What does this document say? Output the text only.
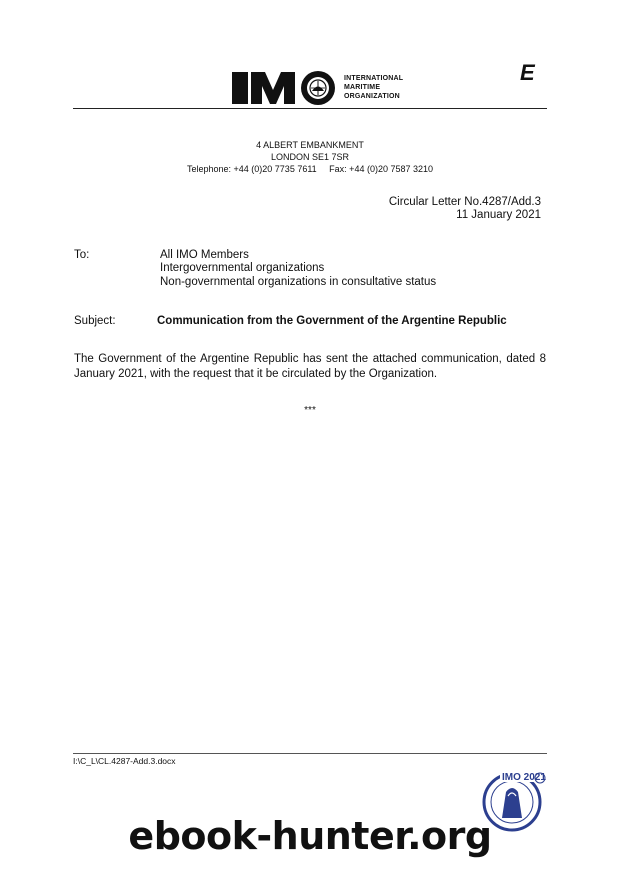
IMO
INTERNATIONAL
MARITIME
ORGANIZATION
E
4 ALBERT EMBANKMENT
LONDON SE1 7SR
Telephone: +44 (0)20 7735 7611     Fax: +44 (0)20 7587 3210
Circular Letter No.4287/Add.3
11 January 2021
To:	All IMO Members
Intergovernmental organizations
Non-governmental organizations in consultative status
Subject:	Communication from the Government of the Argentine Republic
The Government of the Argentine Republic has sent the attached communication, dated 8 January 2021, with the request that it be circulated by the Organization.
***
I:\C_L\CL.4287-Add.3.docx
IMO 2021
ebook-hunter.org
